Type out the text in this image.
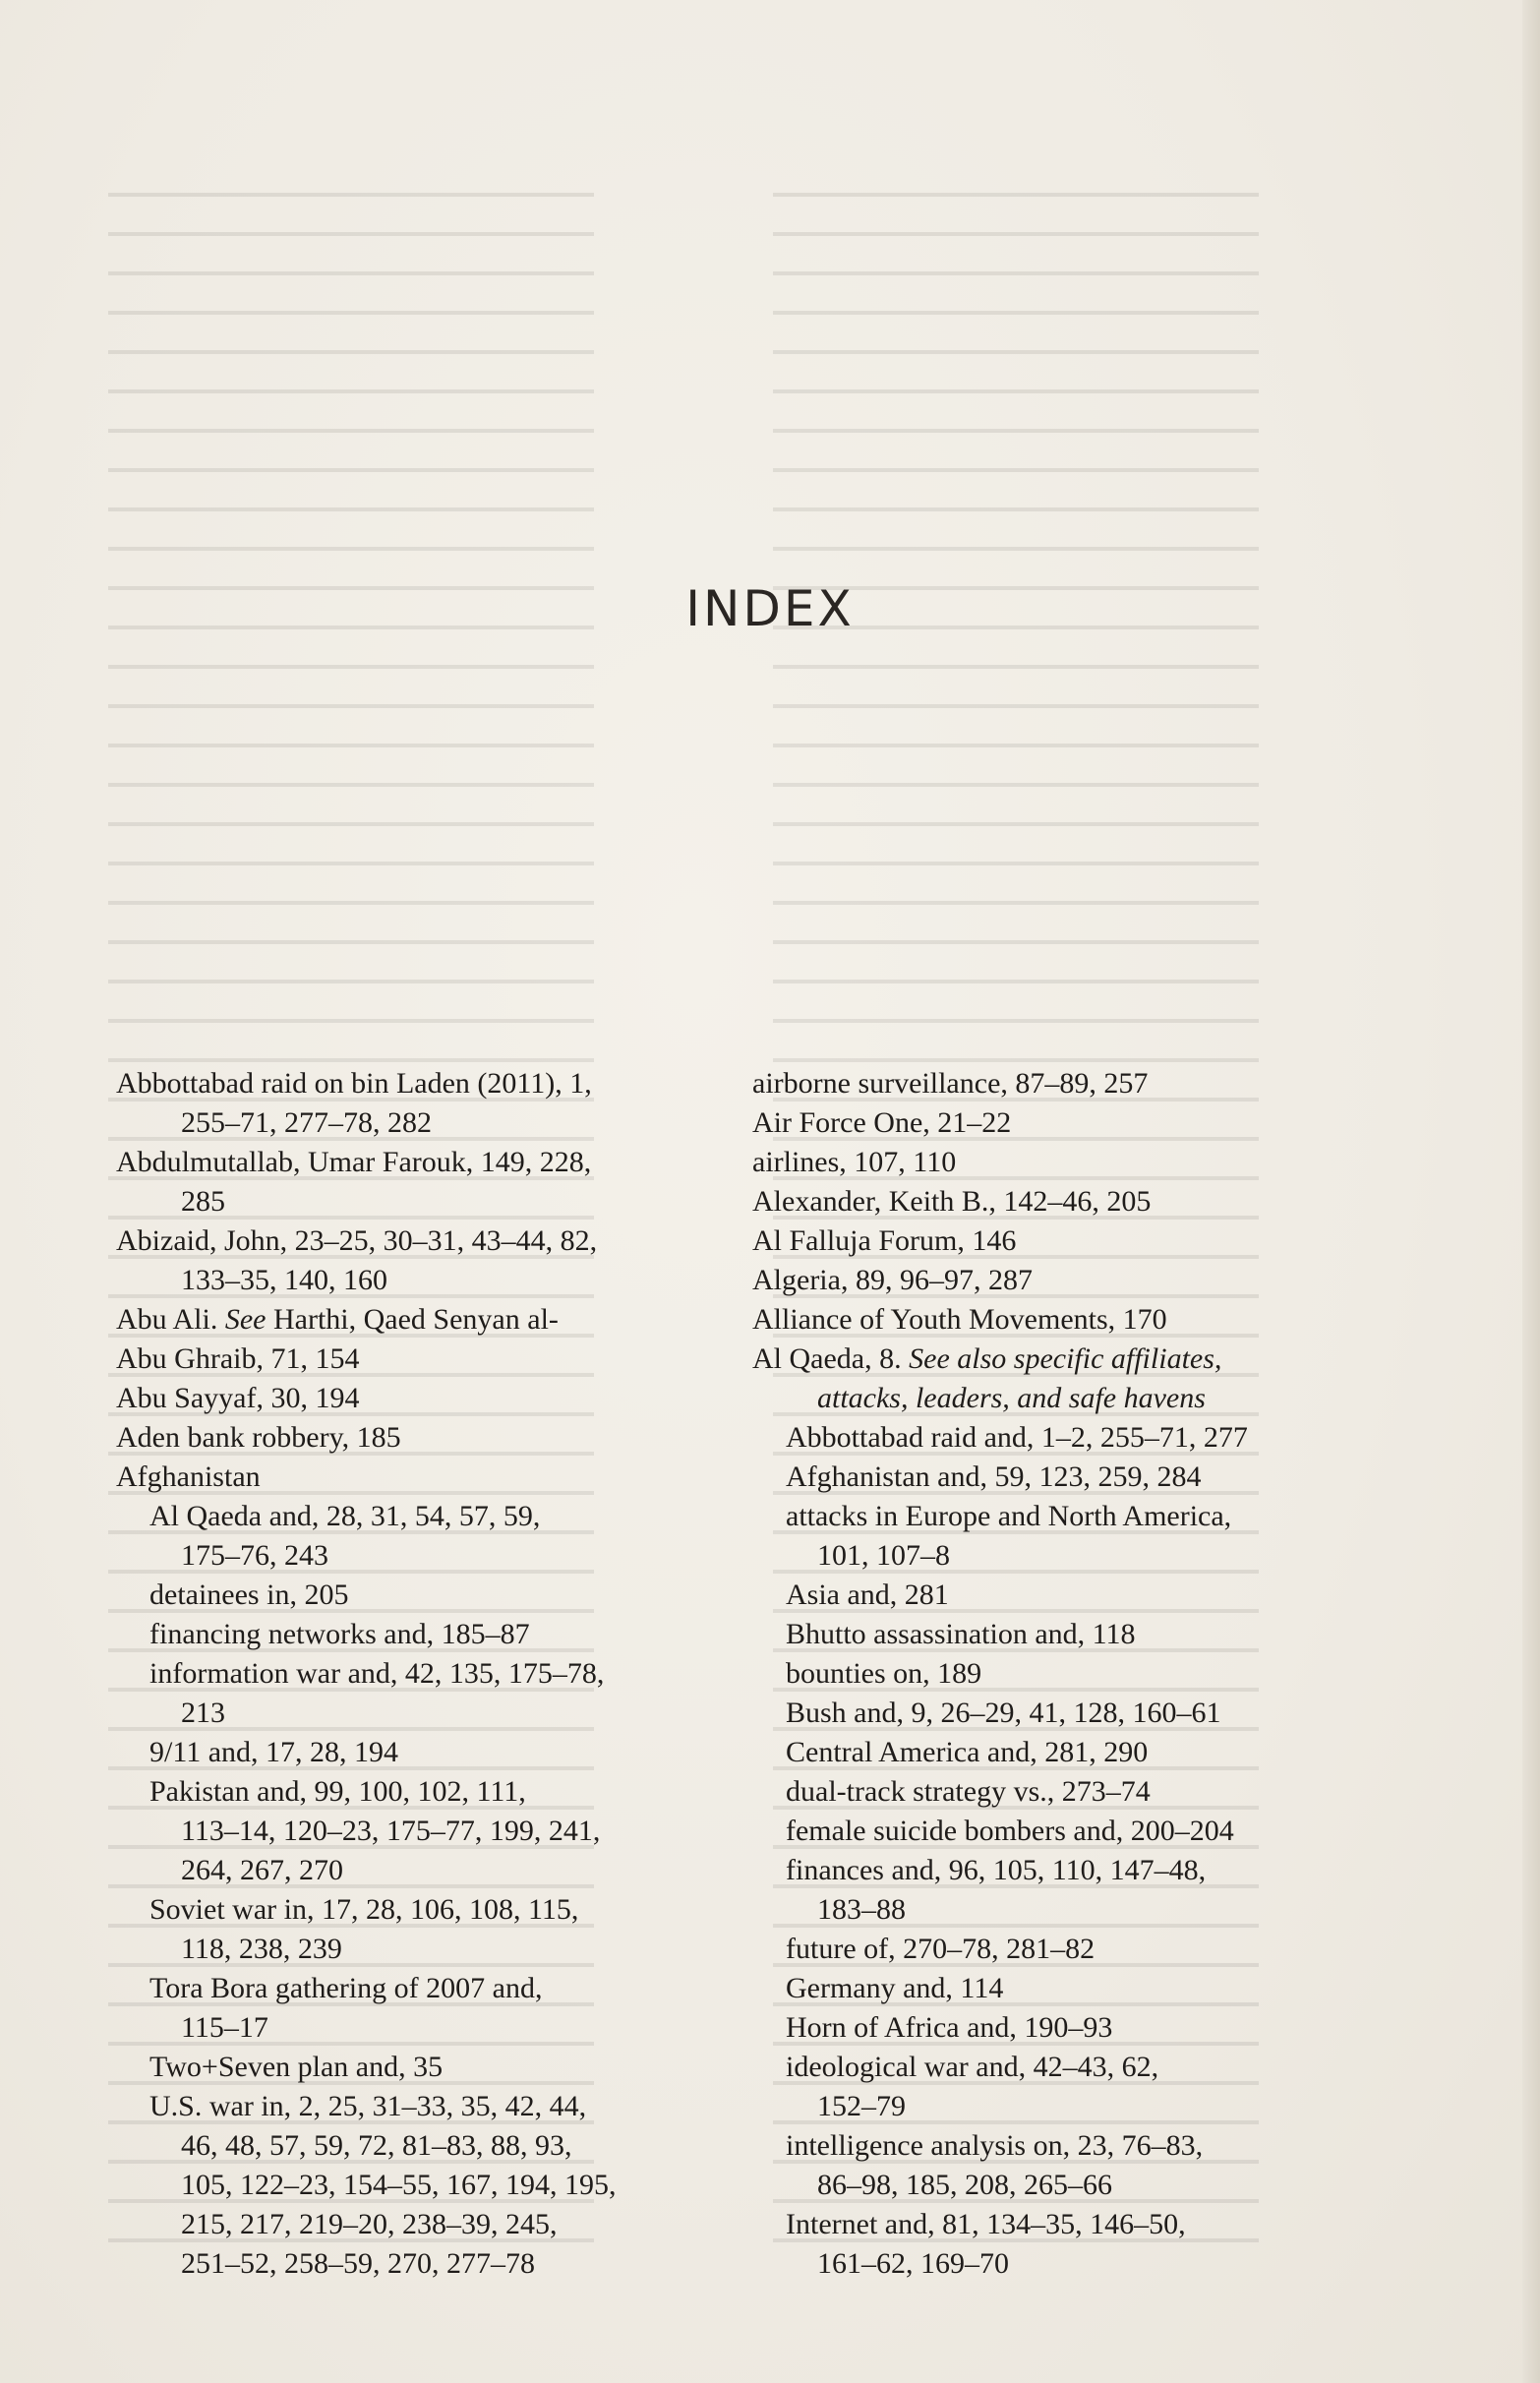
INDEX
Abbottabad raid on bin Laden (2011), 1,
255–71, 277–78, 282
Abdulmutallab, Umar Farouk, 149, 228,
285
Abizaid, John, 23–25, 30–31, 43–44, 82,
133–35, 140, 160
Abu Ali. See Harthi, Qaed Senyan al-
Abu Ghraib, 71, 154
Abu Sayyaf, 30, 194
Aden bank robbery, 185
Afghanistan
Al Qaeda and, 28, 31, 54, 57, 59,
175–76, 243
detainees in, 205
financing networks and, 185–87
information war and, 42, 135, 175–78,
213
9/11 and, 17, 28, 194
Pakistan and, 99, 100, 102, 111,
113–14, 120–23, 175–77, 199, 241,
264, 267, 270
Soviet war in, 17, 28, 106, 108, 115,
118, 238, 239
Tora Bora gathering of 2007 and,
115–17
Two+Seven plan and, 35
U.S. war in, 2, 25, 31–33, 35, 42, 44,
46, 48, 57, 59, 72, 81–83, 88, 93,
105, 122–23, 154–55, 167, 194, 195,
215, 217, 219–20, 238–39, 245,
251–52, 258–59, 270, 277–78
airborne surveillance, 87–89, 257
Air Force One, 21–22
airlines, 107, 110
Alexander, Keith B., 142–46, 205
Al Falluja Forum, 146
Algeria, 89, 96–97, 287
Alliance of Youth Movements, 170
Al Qaeda, 8. See also specific affiliates,
attacks, leaders, and safe havens
Abbottabad raid and, 1–2, 255–71, 277
Afghanistan and, 59, 123, 259, 284
attacks in Europe and North America,
101, 107–8
Asia and, 281
Bhutto assassination and, 118
bounties on, 189
Bush and, 9, 26–29, 41, 128, 160–61
Central America and, 281, 290
dual-track strategy vs., 273–74
female suicide bombers and, 200–204
finances and, 96, 105, 110, 147–48,
183–88
future of, 270–78, 281–82
Germany and, 114
Horn of Africa and, 190–93
ideological war and, 42–43, 62,
152–79
intelligence analysis on, 23, 76–83,
86–98, 185, 208, 265–66
Internet and, 81, 134–35, 146–50,
161–62, 169–70
